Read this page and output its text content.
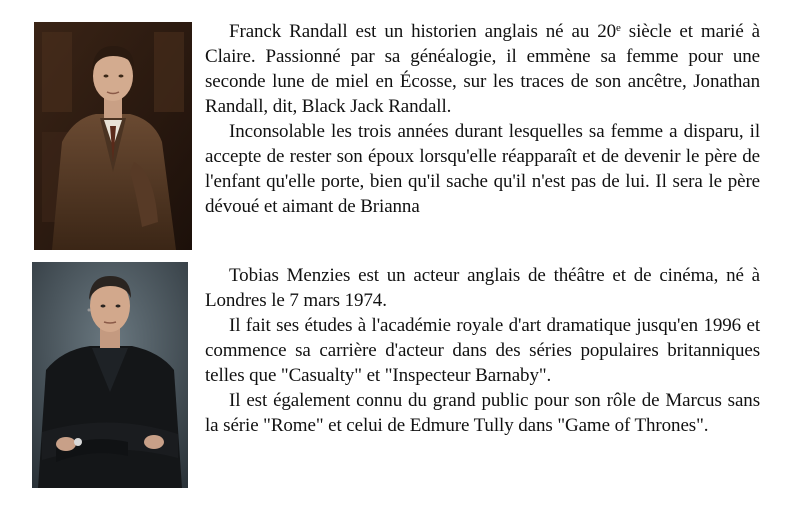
Franck Randall est un historien anglais né au 20e siècle et marié à Claire. Passionné par sa généalogie, il emmène sa femme pour une seconde lune de miel en Écosse, sur les traces de son ancêtre, Jonathan Randall, dit, Black Jack Randall.

Inconsolable les trois années durant lesquelles sa femme a disparu, il accepte de rester son époux lorsqu'elle réapparaît et de devenir le père de l'enfant qu'elle porte, bien qu'il sache qu'il n'est pas de lui. Il sera le père dévoué et aimant de Brianna

Tobias Menzies est un acteur anglais de théâtre et de cinéma, né à Londres le 7 mars 1974.

Il fait ses études à l'académie royale d'art dramatique jusqu'en 1996 et commence sa carrière d'acteur dans des séries populaires britanniques telles que "Casualty" et "Inspecteur Barnaby".

Il est également connu du grand public pour son rôle de Marcus sans la série "Rome" et celui de Edmure Tully dans "Game of Thrones".
